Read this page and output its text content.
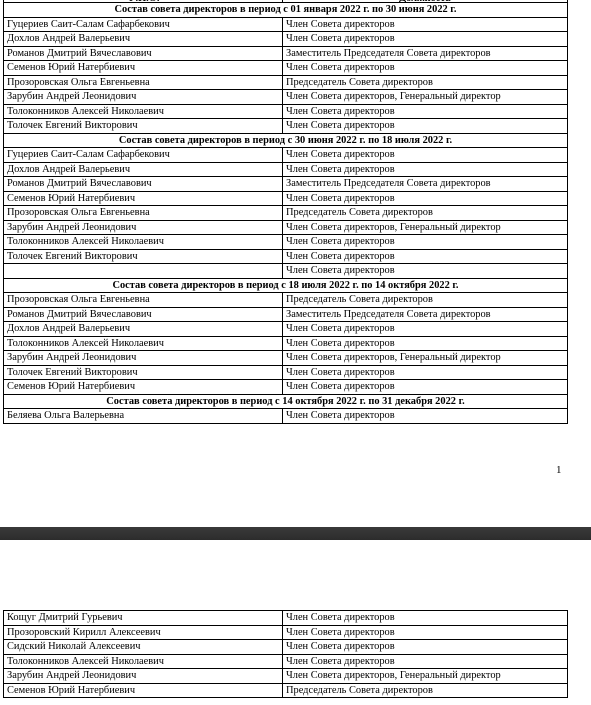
Состав совета директоров в период с 01 января 2022 г. по 30 июня 2022 г.	
Гуцериев Саит-Салам Сафарбекович	Член Совета директоров
Дохлов Андрей Валерьевич	Член Совета директоров
Романов Дмитрий Вячеславович	Заместитель Председателя Совета директоров
Семенов Юрий Натербиевич	Член Совета директоров
Прозоровская Ольга Евгеньевна	Председатель Совета директоров
Зарубин Андрей Леонидович	Член Совета директоров, Генеральный директор
Толоконников Алексей Николаевич	Член Совета директоров
Толочек Евгений Викторович	Член Совета директоров
Состав совета директоров в период с 30 июня 2022 г. по 18 июля 2022 г.	
Гуцериев Саит-Салам Сафарбекович	Член Совета директоров
Дохлов Андрей Валерьевич	Член Совета директоров
Романов Дмитрий Вячеславович	Заместитель Председателя Совета директоров
Семенов Юрий Натербиевич	Член Совета директоров
Прозоровская Ольга Евгеньевна	Председатель Совета директоров
Зарубин Андрей Леонидович	Член Совета директоров, Генеральный директор
Толоконников Алексей Николаевич	Член Совета директоров
Толочек Евгений Викторович	Член Совета директоров
	Член Совета директоров
Состав совета директоров в период с 18 июля 2022 г. по 14 октября 2022 г.	
Прозоровская Ольга Евгеньевна	Председатель Совета директоров
Романов Дмитрий Вячеславович	Заместитель Председателя Совета директоров
Дохлов Андрей Валерьевич	Член Совета директоров
Толоконников Алексей Николаевич	Член Совета директоров
Зарубин Андрей Леонидович	Член Совета директоров, Генеральный директор
Толочек Евгений Викторович	Член Совета директоров
Семенов Юрий Натербиевич	Член Совета директоров
Состав совета директоров в период с 14 октября 2022 г. по 31 декабря 2022 г.	
Беляева Ольга Валерьевна	Член Совета директоров
1
Кощуг Дмитрий Гурьевич	Член Совета директоров
Прозоровский Кирилл Алексеевич	Член Совета директоров
Сидский Николай Алексеевич	Член Совета директоров
Толоконников Алексей Николаевич	Член Совета директоров
Зарубин Андрей Леонидович	Член Совета директоров, Генеральный директор
Семенов Юрий Натербиевич	Председатель Совета директоров
